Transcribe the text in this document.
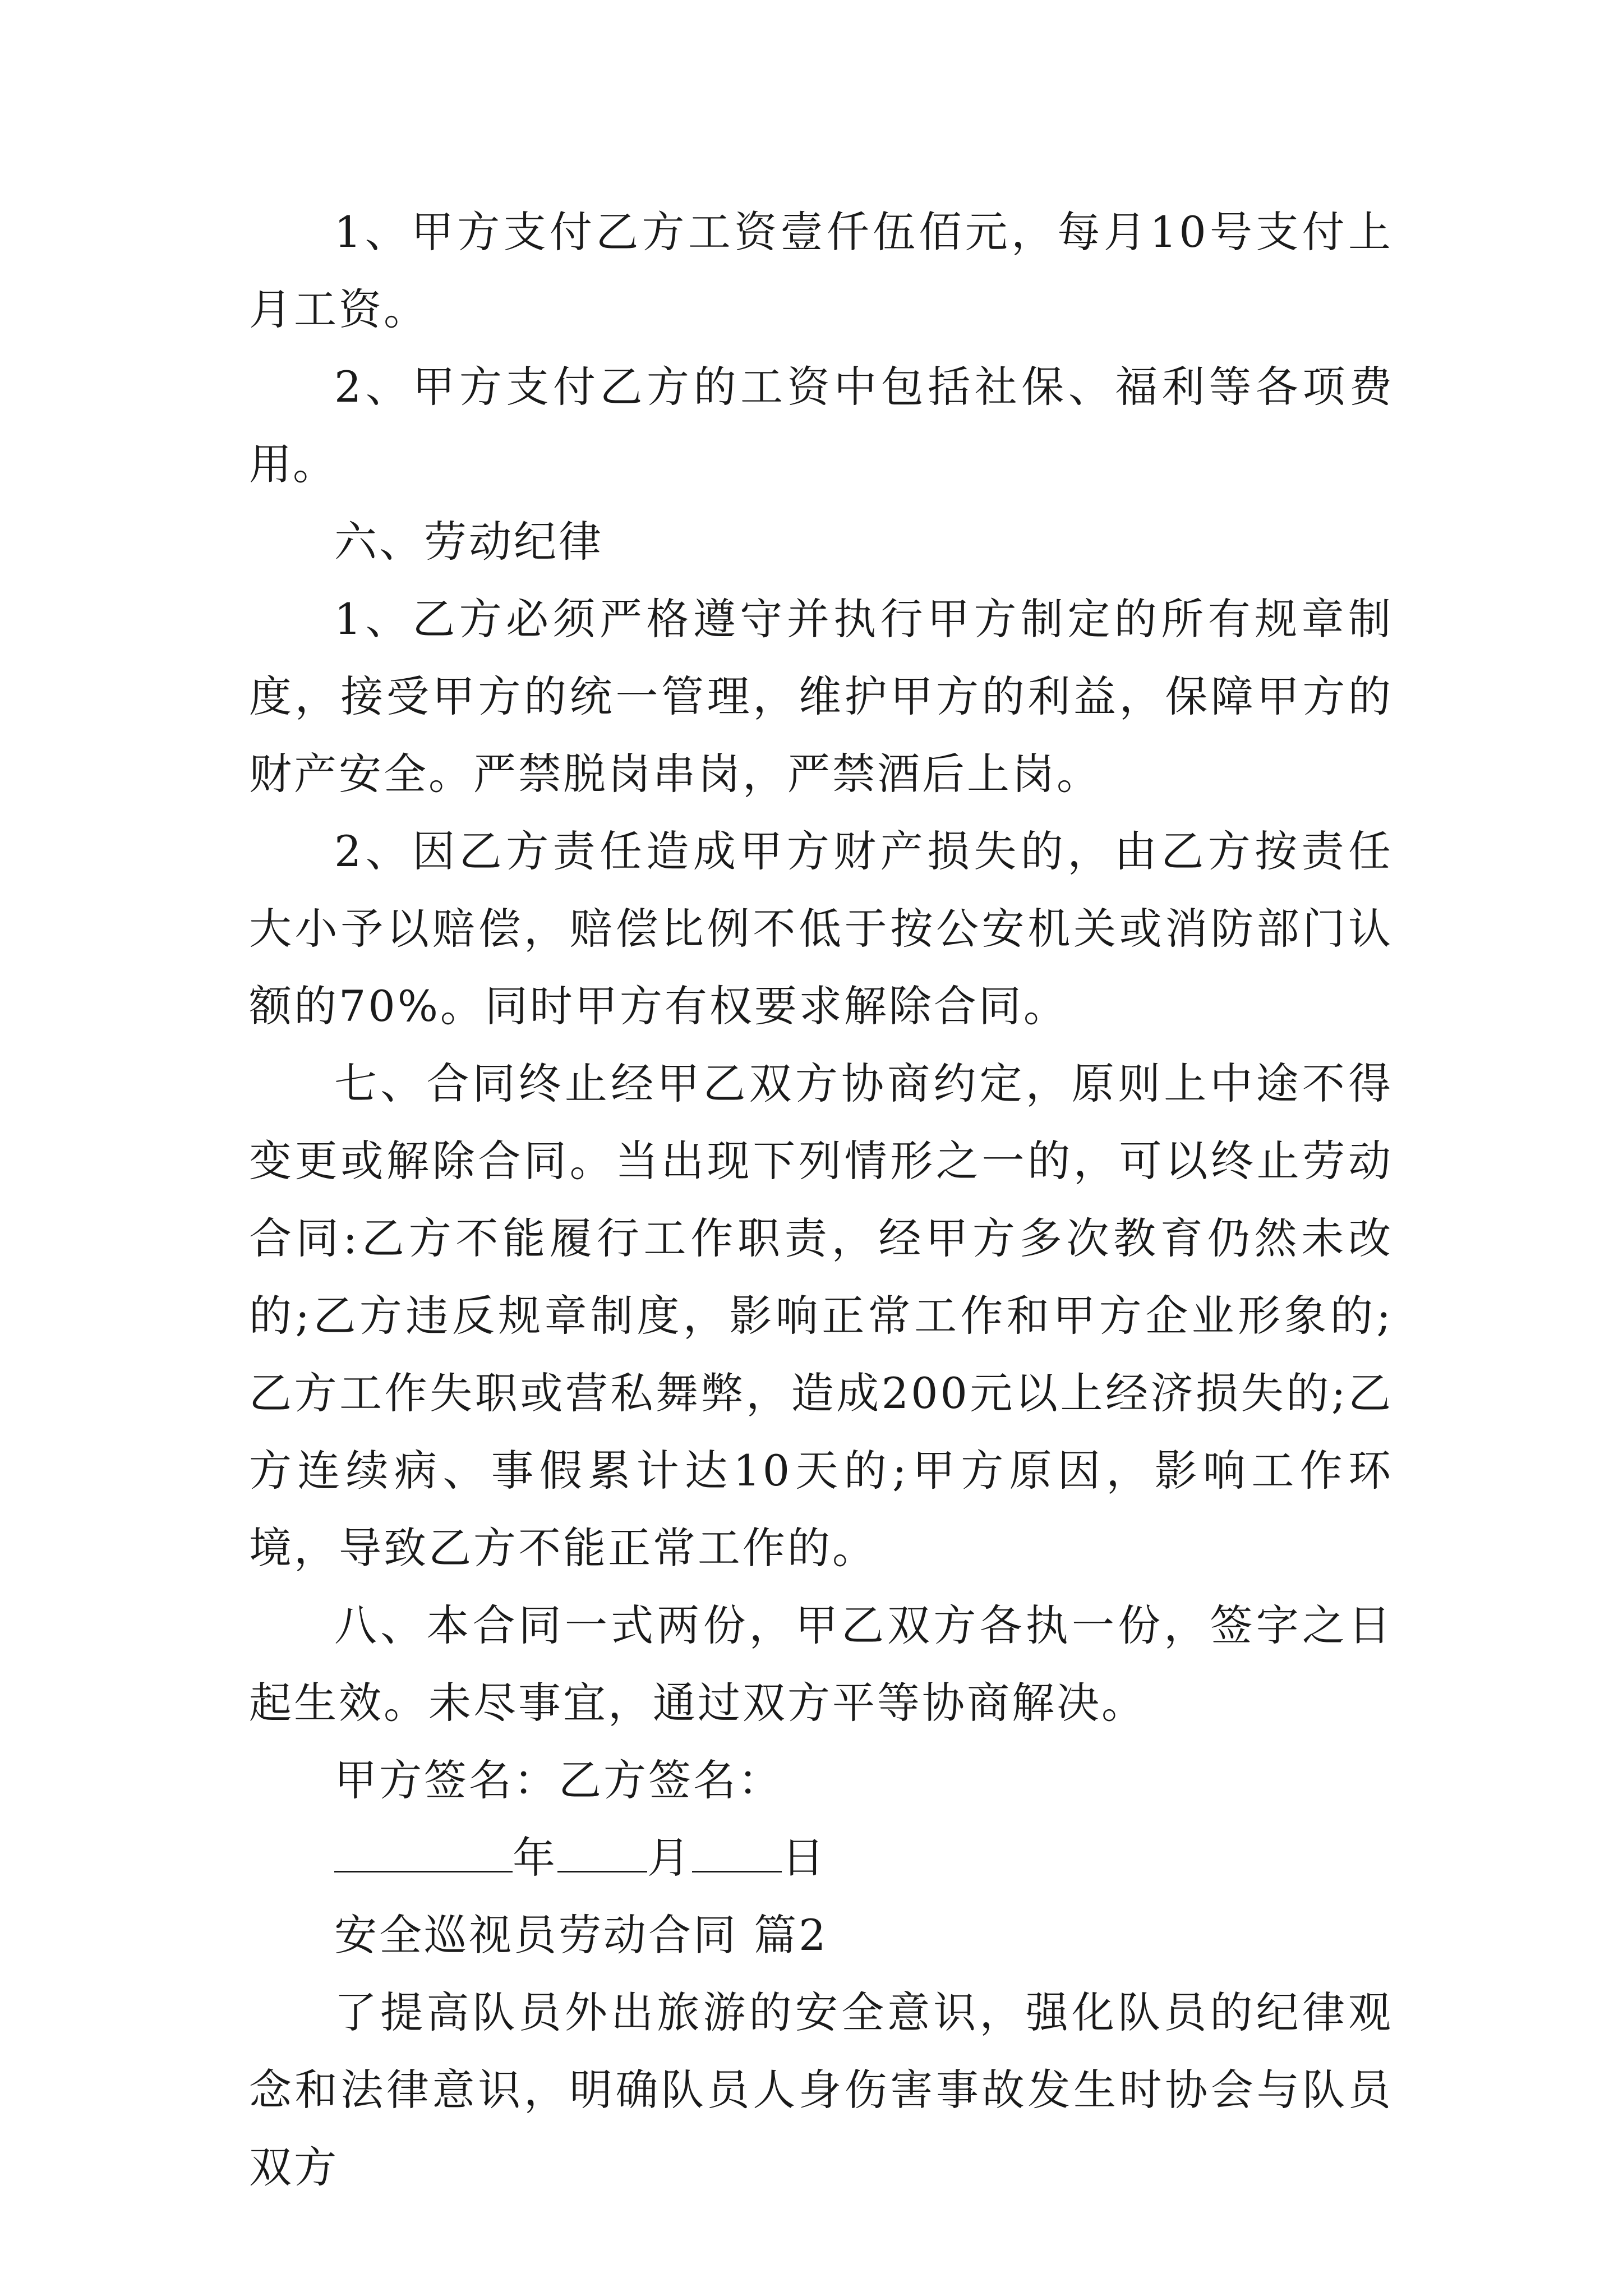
1、甲方支付乙方工资壹仟伍佰元，每月10号支付上月工资。

2、甲方支付乙方的工资中包括社保、福利等各项费用。

六、劳动纪律

1、乙方必须严格遵守并执行甲方制定的所有规章制度，接受甲方的统一管理，维护甲方的利益，保障甲方的财产安全。严禁脱岗串岗，严禁酒后上岗。

2、因乙方责任造成甲方财产损失的，由乙方按责任大小予以赔偿，赔偿比例不低于按公安机关或消防部门认额的70%。同时甲方有权要求解除合同。

七、合同终止经甲乙双方协商约定，原则上中途不得变更或解除合同。当出现下列情形之一的，可以终止劳动合同:乙方不能履行工作职责，经甲方多次教育仍然未改的;乙方违反规章制度，影响正常工作和甲方企业形象的;乙方工作失职或营私舞弊，造成200元以上经济损失的;乙方连续病、事假累计达10天的;甲方原因，影响工作环境，导致乙方不能正常工作的。

八、本合同一式两份，甲乙双方各执一份，签字之日起生效。未尽事宜，通过双方平等协商解决。

甲方签名：乙方签名：

年 月 日

安全巡视员劳动合同 篇2

了提高队员外出旅游的安全意识，强化队员的纪律观念和法律意识，明确队员人身伤害事故发生时协会与队员双方
